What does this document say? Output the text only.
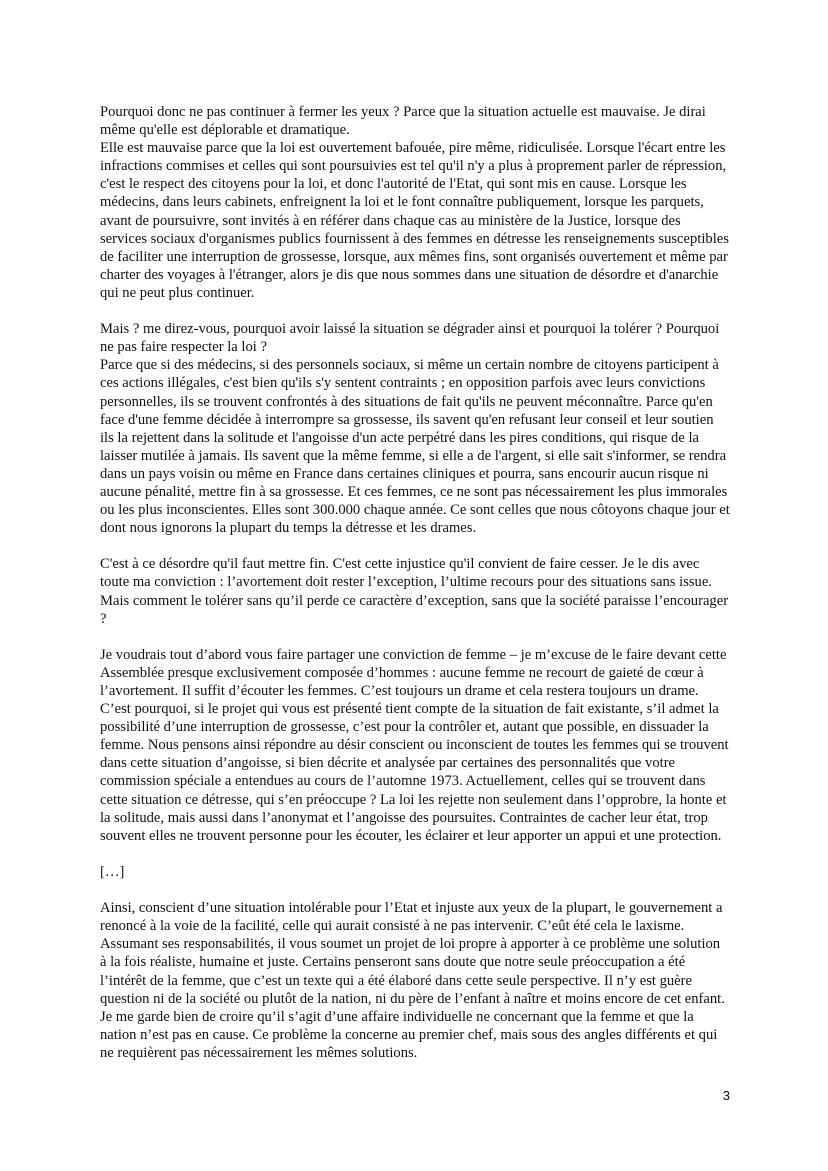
Pourquoi donc ne pas continuer à fermer les yeux ? Parce que la situation actuelle est mauvaise. Je dirai même qu'elle est déplorable et dramatique.
Elle est mauvaise parce que la loi est ouvertement bafouée, pire même, ridiculisée. Lorsque l'écart entre les infractions commises et celles qui sont poursuivies est tel qu'il n'y a plus à proprement parler de répression, c'est le respect des citoyens pour la loi, et donc l'autorité de l'Etat, qui sont mis en cause. Lorsque les médecins, dans leurs cabinets, enfreignent la loi et le font connaître publiquement, lorsque les parquets, avant de poursuivre, sont invités à en référer dans chaque cas au ministère de la Justice, lorsque des services sociaux d'organismes publics fournissent à des femmes en détresse les renseignements susceptibles de faciliter une interruption de grossesse, lorsque, aux mêmes fins, sont organisés ouvertement et même par charter des voyages à l'étranger, alors je dis que nous sommes dans une situation de désordre et d'anarchie qui ne peut plus continuer.

Mais ? me direz-vous, pourquoi avoir laissé la situation se dégrader ainsi et pourquoi la tolérer ? Pourquoi ne pas faire respecter la loi ?
Parce que si des médecins, si des personnels sociaux, si même un certain nombre de citoyens participent à ces actions illégales, c'est bien qu'ils s'y sentent contraints ; en opposition parfois avec leurs convictions personnelles, ils se trouvent confrontés à des situations de fait qu'ils ne peuvent méconnaître. Parce qu'en face d'une femme décidée à interrompre sa grossesse, ils savent qu'en refusant leur conseil et leur soutien ils la rejettent dans la solitude et l'angoisse d'un acte perpétré dans les pires conditions, qui risque de la laisser mutilée à jamais. Ils savent que la même femme, si elle a de l'argent, si elle sait s'informer, se rendra dans un pays voisin ou même en France dans certaines cliniques et pourra, sans encourir aucun risque ni aucune pénalité, mettre fin à sa grossesse. Et ces femmes, ce ne sont pas nécessairement les plus immorales ou les plus inconscientes. Elles sont 300.000 chaque année. Ce sont celles que nous côtoyons chaque jour et dont nous ignorons la plupart du temps la détresse et les drames.

C'est à ce désordre qu'il faut mettre fin. C'est cette injustice qu'il convient de faire cesser. Je le dis avec toute ma conviction : l’avortement doit rester l’exception, l’ultime recours pour des situations sans issue. Mais comment le tolérer sans qu’il perde ce caractère d’exception, sans que la société paraisse l’encourager ?

Je voudrais tout d’abord vous faire partager une conviction de femme – je m’excuse de le faire devant cette Assemblée presque exclusivement composée d’hommes : aucune femme ne recourt de gaieté de cœur à l’avortement. Il suffit d’écouter les femmes. C’est toujours un drame et cela restera toujours un drame. C’est pourquoi, si le projet qui vous est présenté tient compte de la situation de fait existante, s’il admet la possibilité d’une interruption de grossesse, c’est pour la contrôler et, autant que possible, en dissuader la femme. Nous pensons ainsi répondre au désir conscient ou inconscient de toutes les femmes qui se trouvent dans cette situation d’angoisse, si bien décrite et analysée par certaines des personnalités que votre commission spéciale a entendues au cours de l’automne 1973. Actuellement, celles qui se trouvent dans cette situation ce détresse, qui s’en préoccupe ? La loi les rejette non seulement dans l’opprobre, la honte et la solitude, mais aussi dans l’anonymat et l’angoisse des poursuites. Contraintes de cacher leur état, trop souvent elles ne trouvent personne pour les écouter, les éclairer et leur apporter un appui et une protection.

[…]

Ainsi, conscient d’une situation intolérable pour l’Etat et injuste aux yeux de la plupart, le gouvernement a renoncé à la voie de la facilité, celle qui aurait consisté à ne pas intervenir. C’eût été cela le laxisme. Assumant ses responsabilités, il vous soumet un projet de loi propre à apporter à ce problème une solution à la fois réaliste, humaine et juste. Certains penseront sans doute que notre seule préoccupation a été l’intérêt de la femme, que c’est un texte qui a été élaboré dans cette seule perspective. Il n’y est guère question ni de la société ou plutôt de la nation, ni du père de l’enfant à naître et moins encore de cet enfant. Je me garde bien de croire qu’il s’agit d’une affaire individuelle ne concernant que la femme et que la nation n’est pas en cause. Ce problème la concerne au premier chef, mais sous des angles différents et qui ne requièrent pas nécessairement les mêmes solutions.

3
